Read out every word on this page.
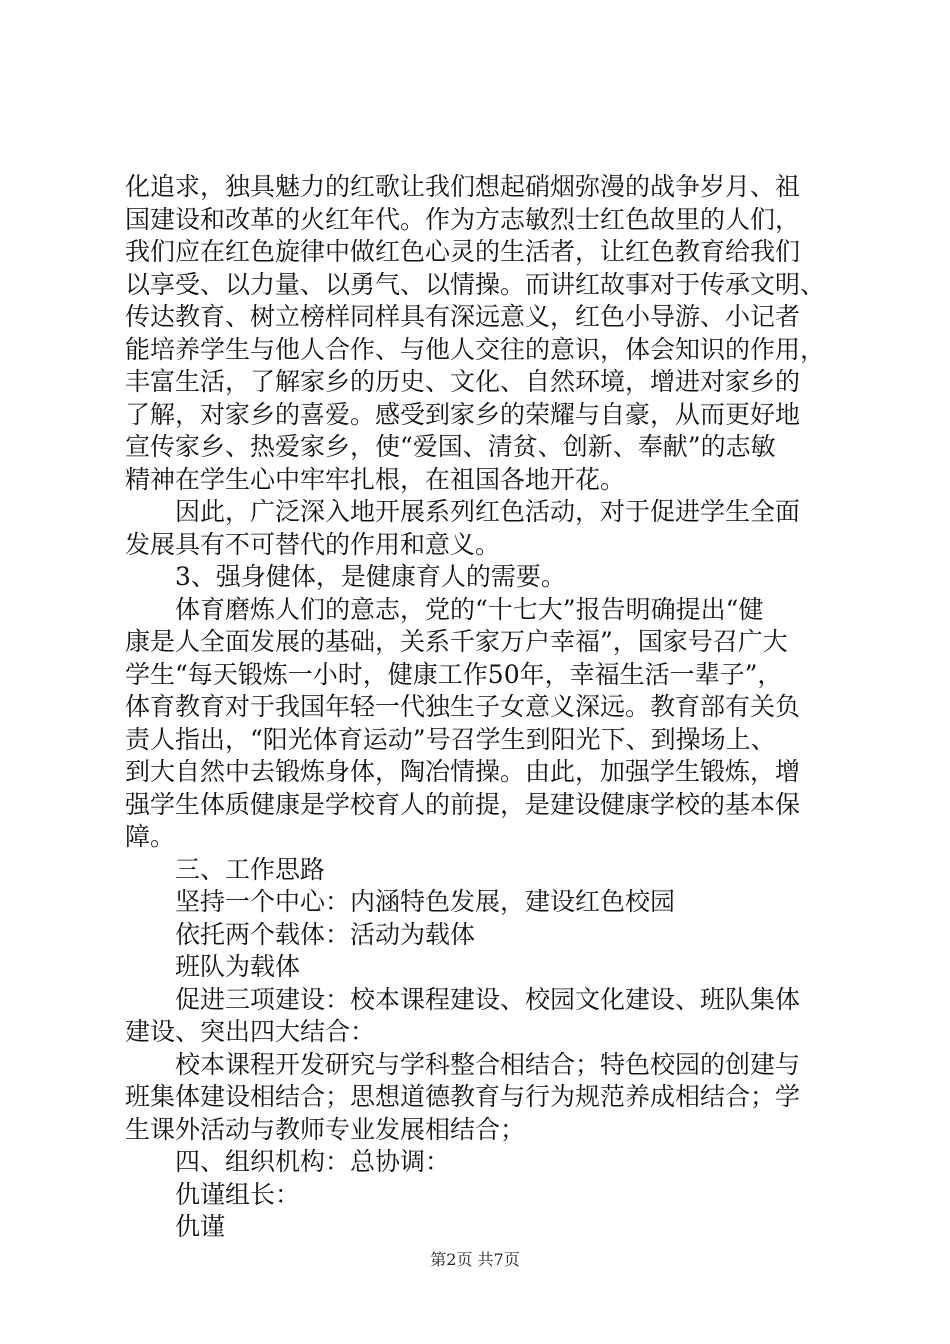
化追求，独具魅力的红歌让我们想起硝烟弥漫的战争岁月、祖
国建设和改革的火红年代。作为方志敏烈士红色故里的人们，
我们应在红色旋律中做红色心灵的生活者，让红色教育给我们
以享受、以力量、以勇气、以情操。而讲红故事对于传承文明、
传达教育、树立榜样同样具有深远意义，红色小导游、小记者
能培养学生与他人合作、与他人交往的意识，体会知识的作用，
丰富生活，了解家乡的历史、文化、自然环境，增进对家乡的
了解，对家乡的喜爱。感受到家乡的荣耀与自豪，从而更好地
宣传家乡、热爱家乡，使“爱国、清贫、创新、奉献”的志敏
精神在学生心中牢牢扎根，在祖国各地开花。
因此，广泛深入地开展系列红色活动，对于促进学生全面
发展具有不可替代的作用和意义。
3、强身健体，是健康育人的需要。
体育磨炼人们的意志，党的“十七大”报告明确提出“健
康是人全面发展的基础，关系千家万户幸福”，国家号召广大
学生“每天锻炼一小时，健康工作50年，幸福生活一辈子”，
体育教育对于我国年轻一代独生子女意义深远。教育部有关负
责人指出，“阳光体育运动”号召学生到阳光下、到操场上、
到大自然中去锻炼身体，陶冶情操。由此，加强学生锻炼，增
强学生体质健康是学校育人的前提，是建设健康学校的基本保
障。
三、工作思路
坚持一个中心：内涵特色发展，建设红色校园
依托两个载体：活动为载体
班队为载体
促进三项建设：校本课程建设、校园文化建设、班队集体
建设、突出四大结合：
校本课程开发研究与学科整合相结合；特色校园的创建与
班集体建设相结合；思想道德教育与行为规范养成相结合；学
生课外活动与教师专业发展相结合；
四、组织机构：总协调：
仇谨组长：
仇谨
第2页 共7页
